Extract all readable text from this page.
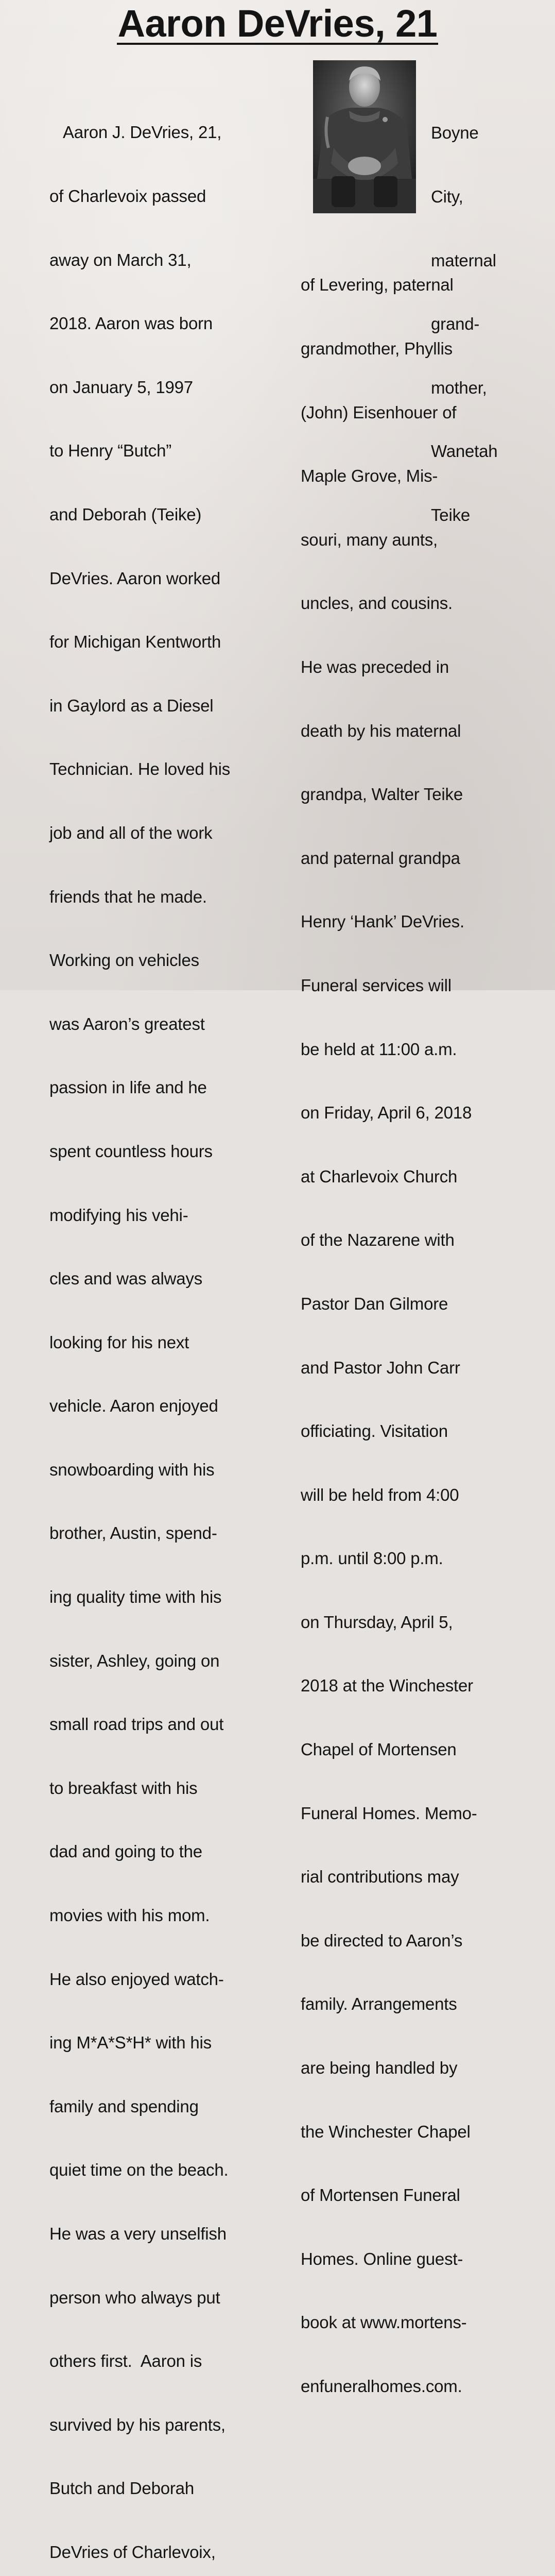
Aaron DeVries, 21

Aaron J. DeVries, 21,

of Charlevoix passed

away on March 31,

2018. Aaron was born

on January 5, 1997

to Henry “Butch”

and Deborah (Teike)

DeVries. Aaron worked

for Michigan Kentworth

in Gaylord as a Diesel

Technician. He loved his

job and all of the work

friends that he made.

Working on vehicles

was Aaron’s greatest

passion in life and he

spent countless hours

modifying his vehi-

cles and was always

looking for his next

vehicle. Aaron enjoyed

snowboarding with his

brother, Austin, spend-

ing quality time with his

sister, Ashley, going on

small road trips and out

to breakfast with his

dad and going to the

movies with his mom.

He also enjoyed watch-

ing M*A*S*H* with his

family and spending

quiet time on the beach.

He was a very unselfish

person who always put

others first.  Aaron is

survived by his parents,

Butch and Deborah

DeVries of Charlevoix,

Boyne

City,

maternal

grand-

mother,

Wanetah

Teike

of Levering, paternal

grandmother, Phyllis

(John) Eisenhouer of

Maple Grove, Mis-

souri, many aunts,

uncles, and cousins.

He was preceded in

death by his maternal

grandpa, Walter Teike

and paternal grandpa

Henry ‘Hank’ DeVries.

Funeral services will

be held at 11:00 a.m.

on Friday, April 6, 2018

at Charlevoix Church

of the Nazarene with

Pastor Dan Gilmore

and Pastor John Carr

officiating. Visitation

will be held from 4:00

p.m. until 8:00 p.m.

on Thursday, April 5,

2018 at the Winchester

Chapel of Mortensen

Funeral Homes. Memo-

rial contributions may

be directed to Aaron’s

family. Arrangements

are being handled by

the Winchester Chapel

of Mortensen Funeral

Homes. Online guest-

book at www.mortens-

enfuneralhomes.com.
